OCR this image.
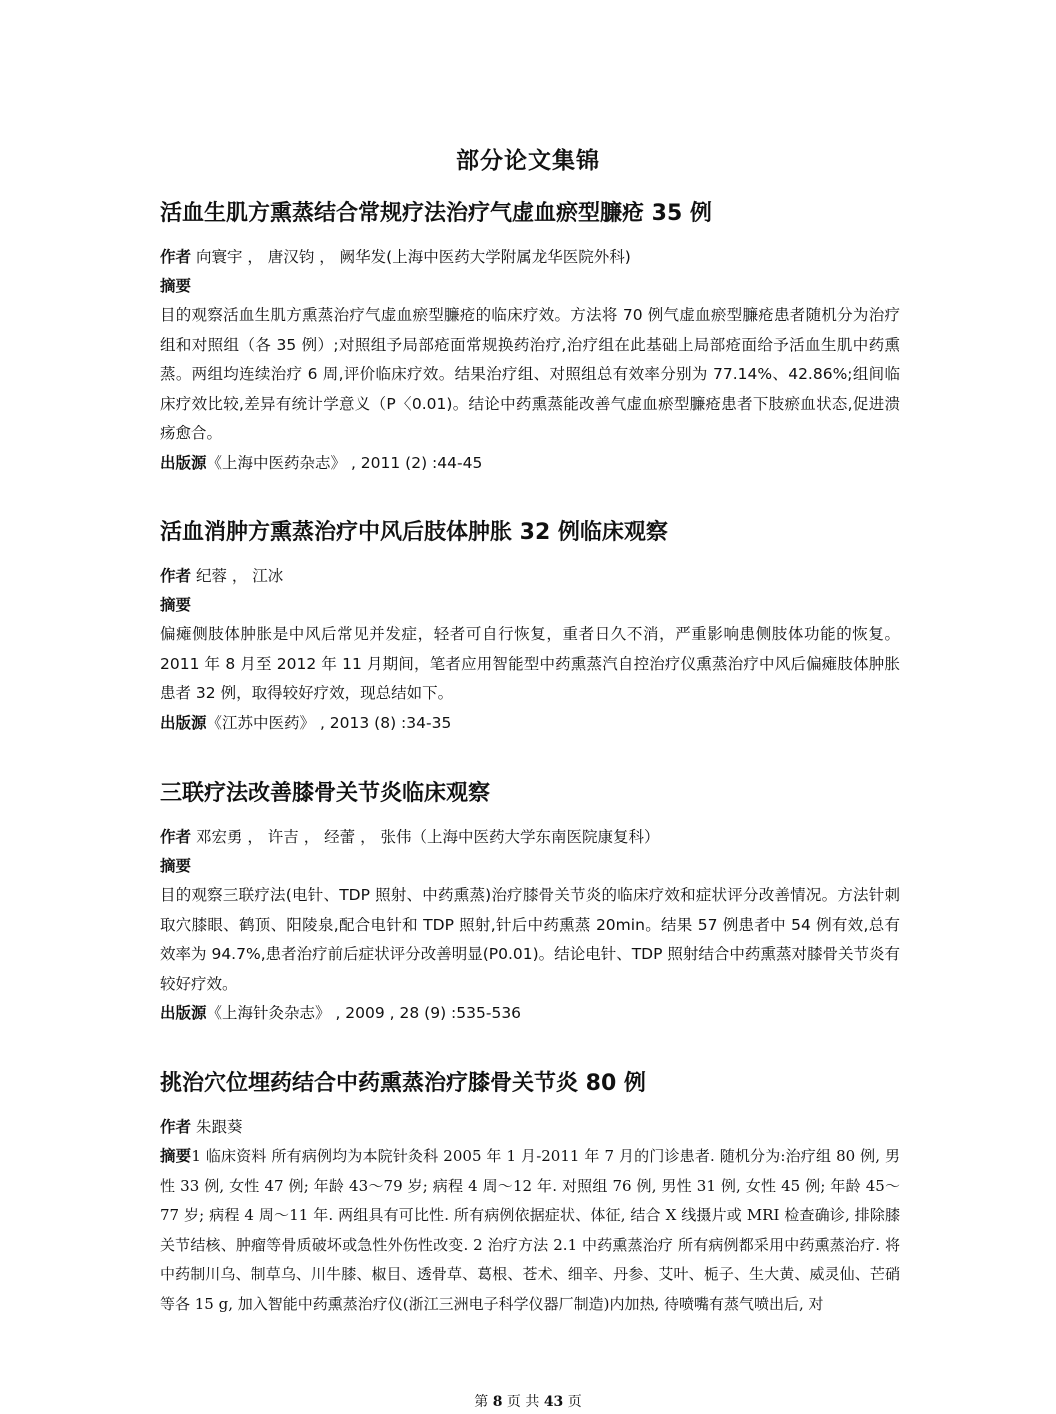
部分论文集锦
活血生肌方熏蒸结合常规疗法治疗气虚血瘀型臁疮 35 例
作者 向寰宇 ， 唐汉钧 ， 阙华发(上海中医药大学附属龙华医院外科)
摘要
目的观察活血生肌方熏蒸治疗气虚血瘀型臁疮的临床疗效。方法将 70 例气虚血瘀型臁疮患者随机分为治疗组和对照组（各 35 例）;对照组予局部疮面常规换药治疗,治疗组在此基础上局部疮面给予活血生肌中药熏蒸。两组均连续治疗 6 周,评价临床疗效。结果治疗组、对照组总有效率分别为 77.14%、42.86%;组间临床疗效比较,差异有统计学意义（P〈0.01)。结论中药熏蒸能改善气虚血瘀型臁疮患者下肢瘀血状态,促进溃疡愈合。
出版源《上海中医药杂志》 , 2011 (2) :44-45
活血消肿方熏蒸治疗中风后肢体肿胀 32 例临床观察
作者 纪蓉 ， 江冰
摘要
偏瘫侧肢体肿胀是中风后常见并发症，轻者可自行恢复，重者日久不消，严重影响患侧肢体功能的恢复。2011 年 8 月至 2012 年 11 月期间，笔者应用智能型中药熏蒸汽自控治疗仪熏蒸治疗中风后偏瘫肢体肿胀患者 32 例，取得较好疗效，现总结如下。
出版源《江苏中医药》 , 2013 (8) :34-35
三联疗法改善膝骨关节炎临床观察
作者 邓宏勇 ， 许吉 ， 经蕾 ， 张伟（上海中医药大学东南医院康复科）
摘要
目的观察三联疗法(电针、TDP 照射、中药熏蒸)治疗膝骨关节炎的临床疗效和症状评分改善情况。方法针刺取穴膝眼、鹤顶、阳陵泉,配合电针和 TDP 照射,针后中药熏蒸 20min。结果 57 例患者中 54 例有效,总有效率为 94.7%,患者治疗前后症状评分改善明显(P0.01)。结论电针、TDP 照射结合中药熏蒸对膝骨关节炎有较好疗效。
出版源《上海针灸杂志》 , 2009 , 28 (9) :535-536
挑治穴位埋药结合中药熏蒸治疗膝骨关节炎 80 例
作者 朱跟葵
摘要1 临床资料 所有病例均为本院针灸科 2005 年 1 月-2011 年 7 月的门诊患者. 随机分为:治疗组 80 例, 男性 33 例, 女性 47 例; 年龄 43～79 岁; 病程 4 周～12 年. 对照组 76 例, 男性 31 例, 女性 45 例; 年龄 45～77 岁; 病程 4 周～11 年. 两组具有可比性. 所有病例依据症状、体征, 结合 X 线摄片或 MRI 检查确诊, 排除膝关节结核、肿瘤等骨质破坏或急性外伤性改变. 2 治疗方法 2.1 中药熏蒸治疗 所有病例都采用中药熏蒸治疗. 将中药制川乌、制草乌、川牛膝、椒目、透骨草、葛根、苍术、细辛、丹参、艾叶、栀子、生大黄、威灵仙、芒硝等各 15 g, 加入智能中药熏蒸治疗仪(浙江三洲电子科学仪器厂制造)内加热, 待喷嘴有蒸气喷出后, 对
第 8 页 共 43 页
